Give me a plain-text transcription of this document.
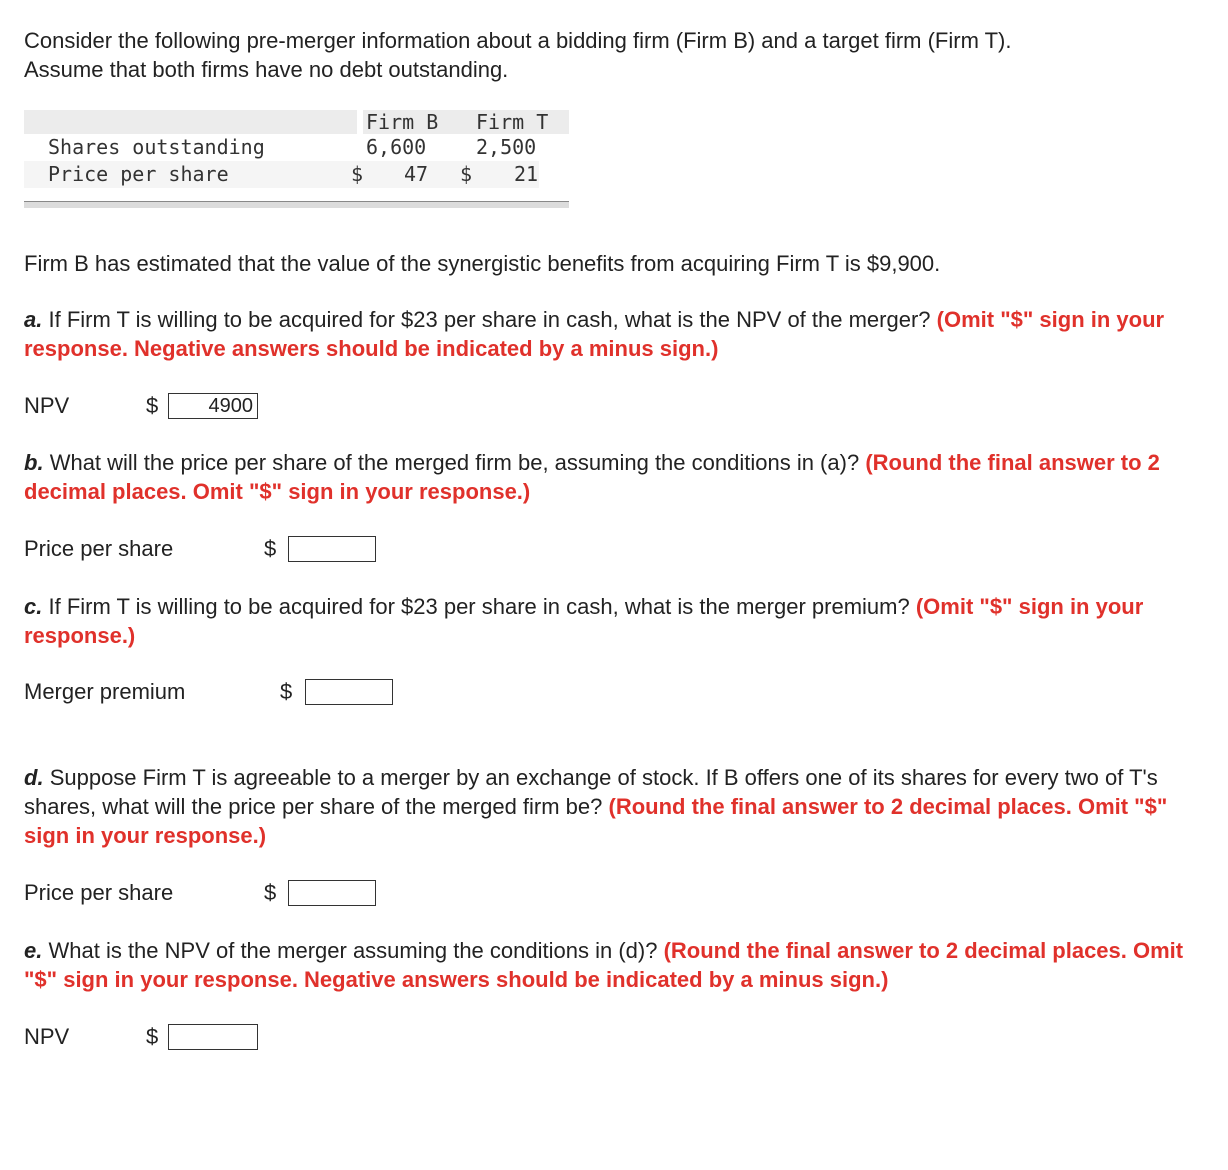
Consider the following pre-merger information about a bidding firm (Firm B) and a target firm (Firm T).
Assume that both firms have no debt outstanding.

Firm B Firm T
Shares outstanding	6,600 2,500
Price per share	$ 47 $ 21

Firm B has estimated that the value of the synergistic benefits from acquiring Firm T is $9,900.

a. If Firm T is willing to be acquired for $23 per share in cash, what is the NPV of the merger? (Omit "$" sign in your response. Negative answers should be indicated by a minus sign.)

NPV	$
4900

b. What will the price per share of the merged firm be, assuming the conditions in (a)? (Round the final answer to 2 decimal places. Omit "$" sign in your response.)

Price per share	$

c. If Firm T is willing to be acquired for $23 per share in cash, what is the merger premium? (Omit "$" sign in your response.)

Merger premium	$

d. Suppose Firm T is agreeable to a merger by an exchange of stock. If B offers one of its shares for every two of T's shares, what will the price per share of the merged firm be? (Round the final answer to 2 decimal places. Omit "$" sign in your response.)

Price per share	$

e. What is the NPV of the merger assuming the conditions in (d)? (Round the final answer to 2 decimal places. Omit "$" sign in your response. Negative answers should be indicated by a minus sign.)

NPV	$
